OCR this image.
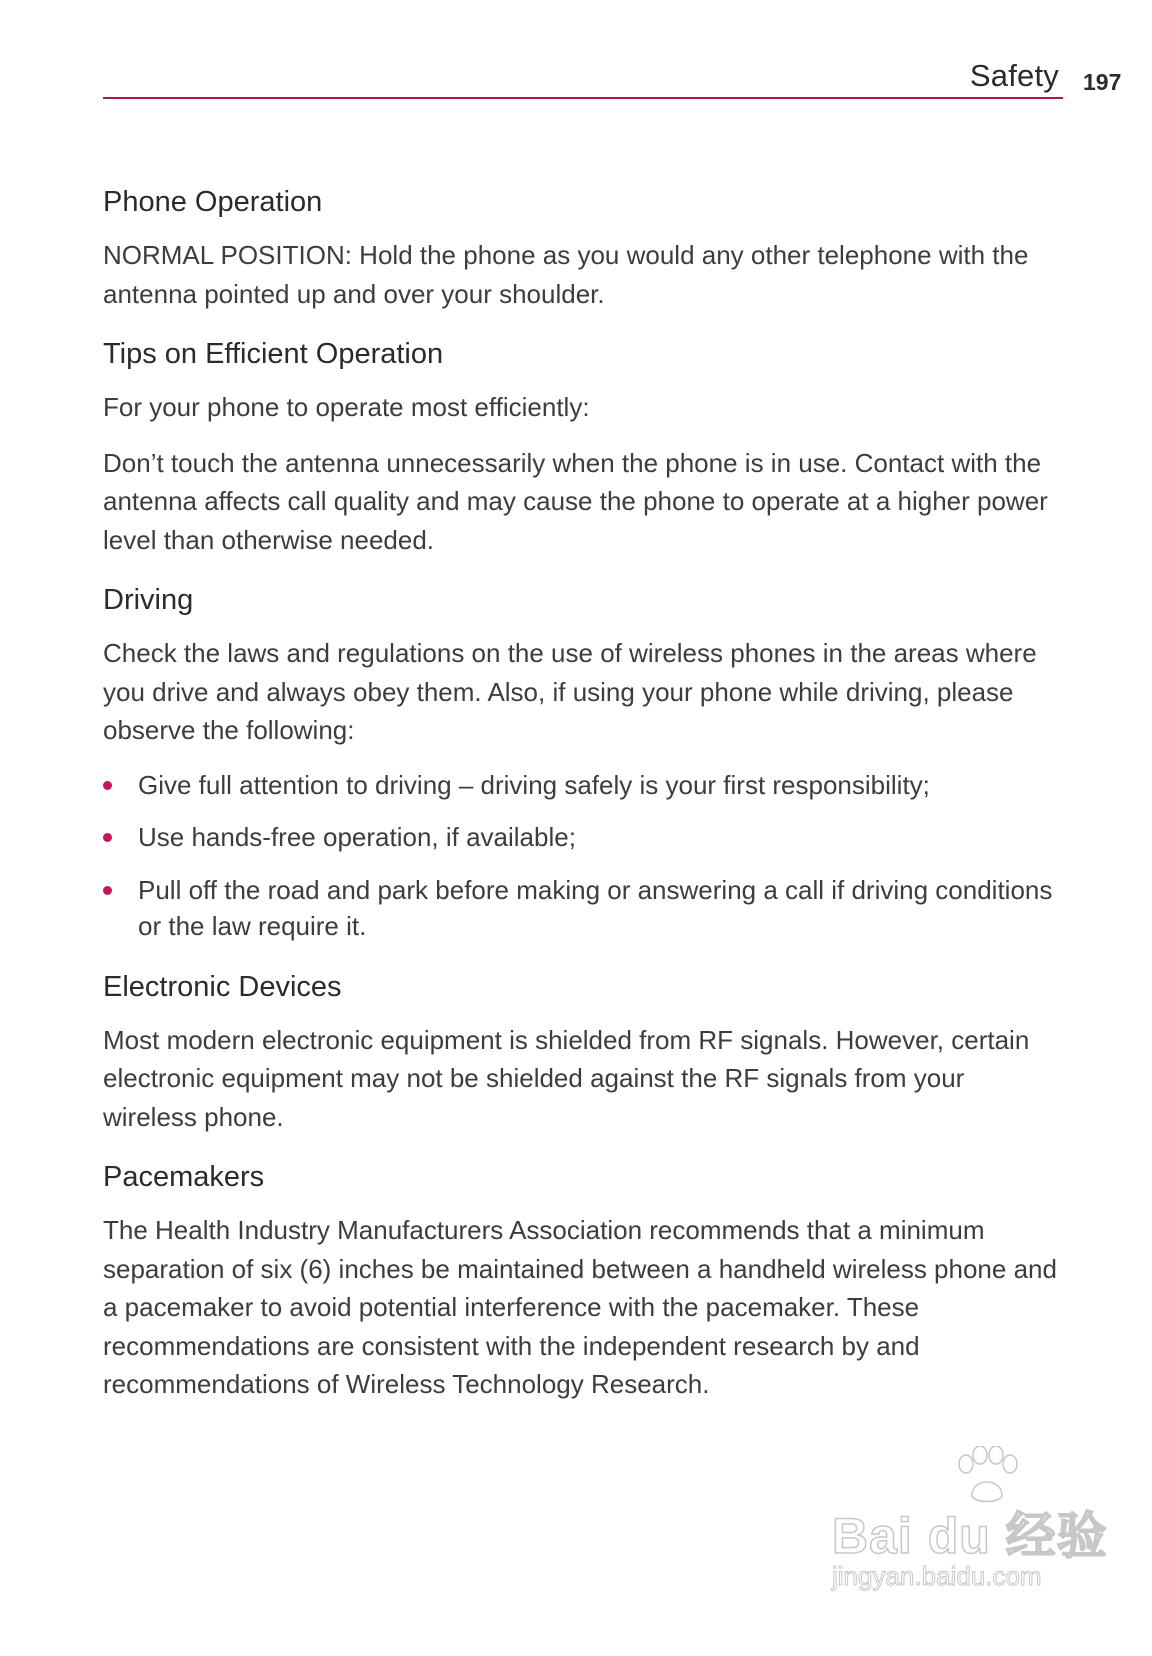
Safety 197
Phone Operation

NORMAL POSITION: Hold the phone as you would any other telephone with the antenna pointed up and over your shoulder.

Tips on Efficient Operation

For your phone to operate most efficiently:

Don’t touch the antenna unnecessarily when the phone is in use. Contact with the antenna affects call quality and may cause the phone to operate at a higher power level than otherwise needed.

Driving

Check the laws and regulations on the use of wireless phones in the areas where you drive and always obey them. Also, if using your phone while driving, please observe the following:

Give full attention to driving – driving safely is your first responsibility;
Use hands-free operation, if available;
Pull off the road and park before making or answering a call if driving conditions or the law require it.
Electronic Devices

Most modern electronic equipment is shielded from RF signals. However, certain electronic equipment may not be shielded against the RF signals from your wireless phone.

Pacemakers

The Health Industry Manufacturers Association recommends that a minimum separation of six (6) inches be maintained between a handheld wireless phone and a pacemaker to avoid potential interference with the pacemaker. These recommendations are consistent with the independent research by and recommendations of Wireless Technology Research.

Bai du 经验
jingyan.baidu.com
